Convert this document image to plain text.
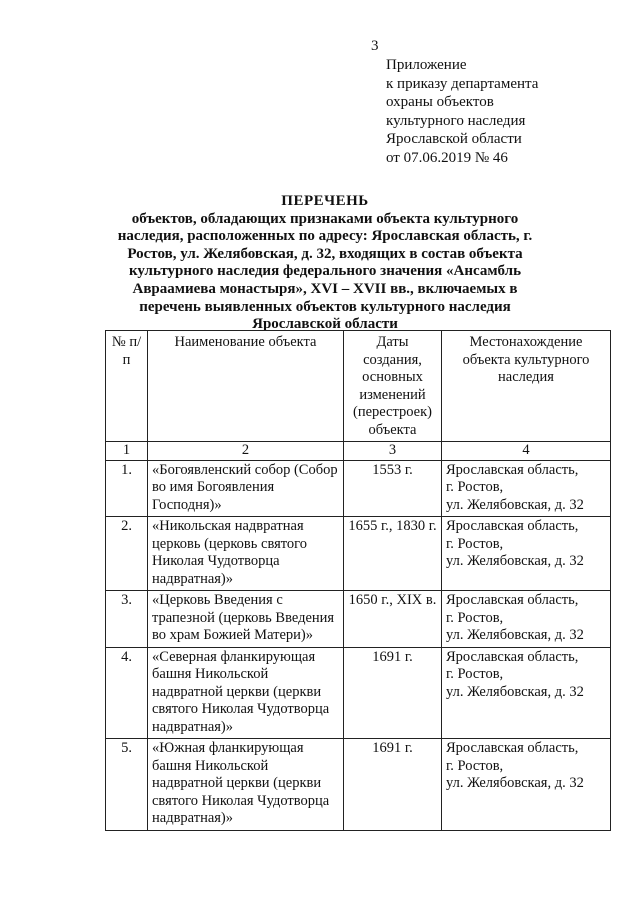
3
Приложение
к приказу департамента
охраны объектов
культурного наследия
Ярославской области
от 07.06.2019 № 46
ПЕРЕЧЕНЬ
объектов, обладающих признаками объекта культурного наследия, расположенных по адресу: Ярославская область, г. Ростов, ул. Желябовская, д. 32, входящих в состав объекта культурного наследия федерального значения «Ансамбль Авраамиева монастыря», XVI – XVII вв., включаемых в перечень выявленных объектов культурного наследия Ярославской области
№ п/п	Наименование объекта	Даты создания, основных изменений (перестроек) объекта	Местонахождение объекта культурного наследия
1	2	3	4
1.	«Богоявленский собор (Собор во имя Богоявления Господня)»	1553 г.	Ярославская область,
г. Ростов,
ул. Желябовская, д. 32

2.	«Никольская надвратная церковь (церковь святого Николая Чудотворца надвратная)»	1655 г., 1830 г.	Ярославская область,
г. Ростов,
ул. Желябовская, д. 32

3.	«Церковь Введения с трапезной (церковь Введения во храм Божией Матери)»	1650 г., XIX в.	Ярославская область,
г. Ростов,
ул. Желябовская, д. 32

4.	«Северная фланкирующая башня Никольской надвратной церкви (церкви святого Николая Чудотворца надвратная)»	1691 г.	Ярославская область,
г. Ростов,
ул. Желябовская, д. 32

5.	«Южная фланкирующая башня Никольской надвратной церкви (церкви святого Николая Чудотворца надвратная)»	1691 г.	Ярославская область,
г. Ростов,
ул. Желябовская, д. 32
